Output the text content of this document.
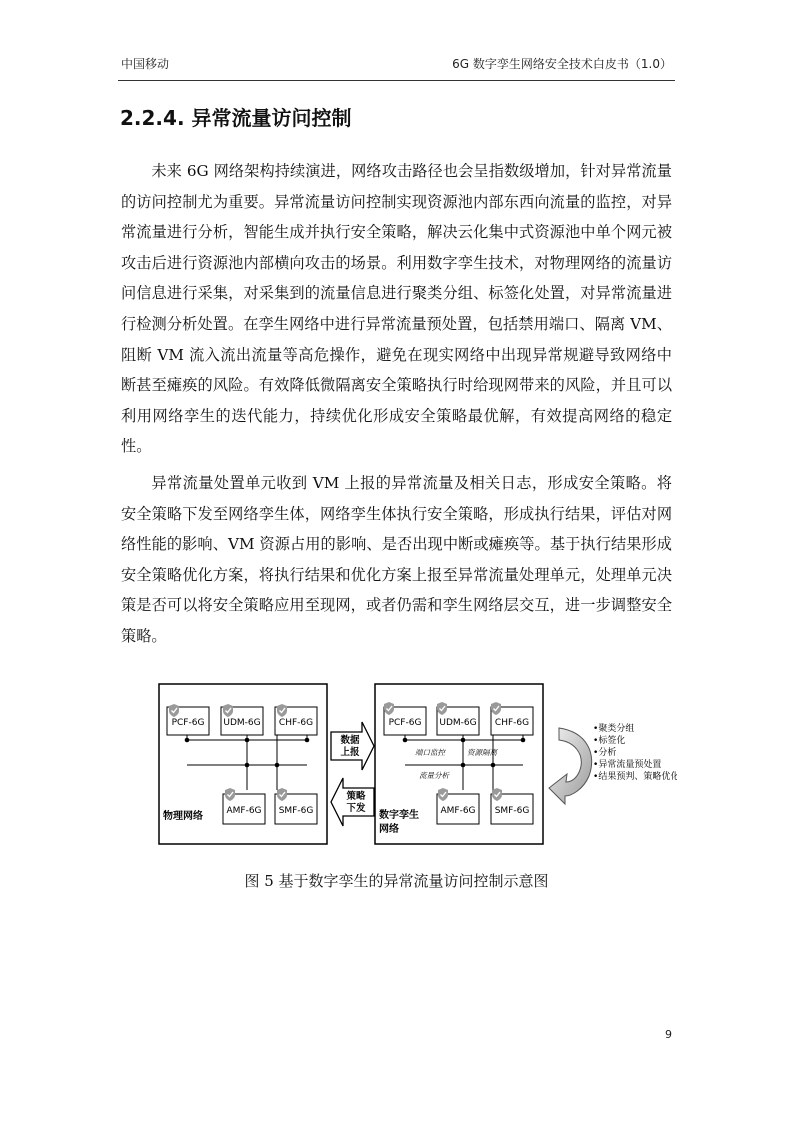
中国移动	6G 数字孪生网络安全技术白皮书（1.0）
2.2.4. 异常流量访问控制

未来 6G 网络架构持续演进，网络攻击路径也会呈指数级增加，针对异常流量的访问控制尤为重要。异常流量访问控制实现资源池内部东西向流量的监控，对异常流量进行分析，智能生成并执行安全策略，解决云化集中式资源池中单个网元被攻击后进行资源池内部横向攻击的场景。利用数字孪生技术，对物理网络的流量访问信息进行采集，对采集到的流量信息进行聚类分组、标签化处置，对异常流量进行检测分析处置。在孪生网络中进行异常流量预处置，包括禁用端口、隔离 VM、阻断 VM 流入流出流量等高危操作，避免在现实网络中出现异常规避导致网络中断甚至瘫痪的风险。有效降低微隔离安全策略执行时给现网带来的风险，并且可以利用网络孪生的迭代能力，持续优化形成安全策略最优解，有效提高网络的稳定性。

异常流量处置单元收到 VM 上报的异常流量及相关日志，形成安全策略。将安全策略下发至网络孪生体，网络孪生体执行安全策略，形成执行结果，评估对网络性能的影响、VM 资源占用的影响、是否出现中断或瘫痪等。基于执行结果形成安全策略优化方案，将执行结果和优化方案上报至异常流量处理单元，处理单元决策是否可以将安全策略应用至现网，或者仍需和孪生网络层交互，进一步调整安全策略。

PCF-6G UDM-6G CHF-6G
AMF-6G SMF-6G
物理网络
数据
上报
策略
下发
PCF-6G UDM-6G CHF-6G
端口监控	资源隔离
流量分析
AMF-6G SMF-6G
数字孪生
网络
•聚类分组
•标签化
•分析
•异常流量预处置
•结果预判、策略优化
图 5 基于数字孪生的异常流量访问控制示意图
9
